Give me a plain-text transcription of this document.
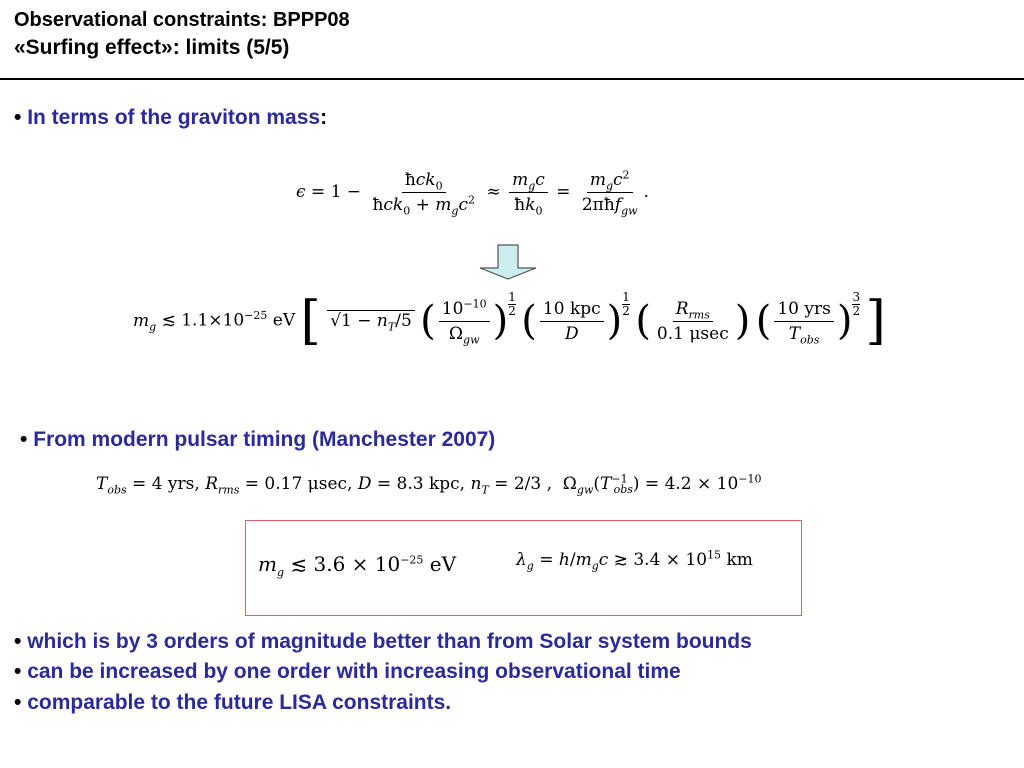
Observational constraints: BPPP08
«Surfing effect»: limits (5/5)
• In terms of the graviton mass:
$\epsilon = 1 - \frac{ħck_0}{ħck_0 + m_gc^2} \approx \frac{m_gc}{ħk_0} = \frac{m_gc^2}{2\pi ħf_{gw}}$ .
$m_g$ ≲ $1.1\times 10^{-25}$ eV [ $√1 - n_T/5$ ( $\frac{10^{-10}}{\Omega_{gw}}$ ) $\frac{1}{2}$ ( $\frac{\text{10 kpc}}{D}$ ) $\frac{1}{2}$ ( $\frac{R_{rms}}{0.1 \mu\sec}$ ) ( $\frac{\text{10 yrs}}{T_{obs}}$ ) $\frac{3}{2}$ ]
• From modern pulsar timing (Manchester 2007)
$T_{obs} = 4$ yrs, $R_{rms} = 0.17$ μsec, D = 8.3 kpc, $n_T = 2/3$ ,  $\Omega_{gw}(T^{-1}_{obs}) = 4.2 \times 10^{-10}$
$m_g$ ≲ $3.6 \times 10^{-25}$ eV	$\lambda_g = h/m_gc$ ≳ $3.4 \times 10^{15}$ km
• which is by 3 orders of magnitude better than from Solar system bounds
• can be increased by one order with increasing observational time
• comparable to the future LISA constraints.
